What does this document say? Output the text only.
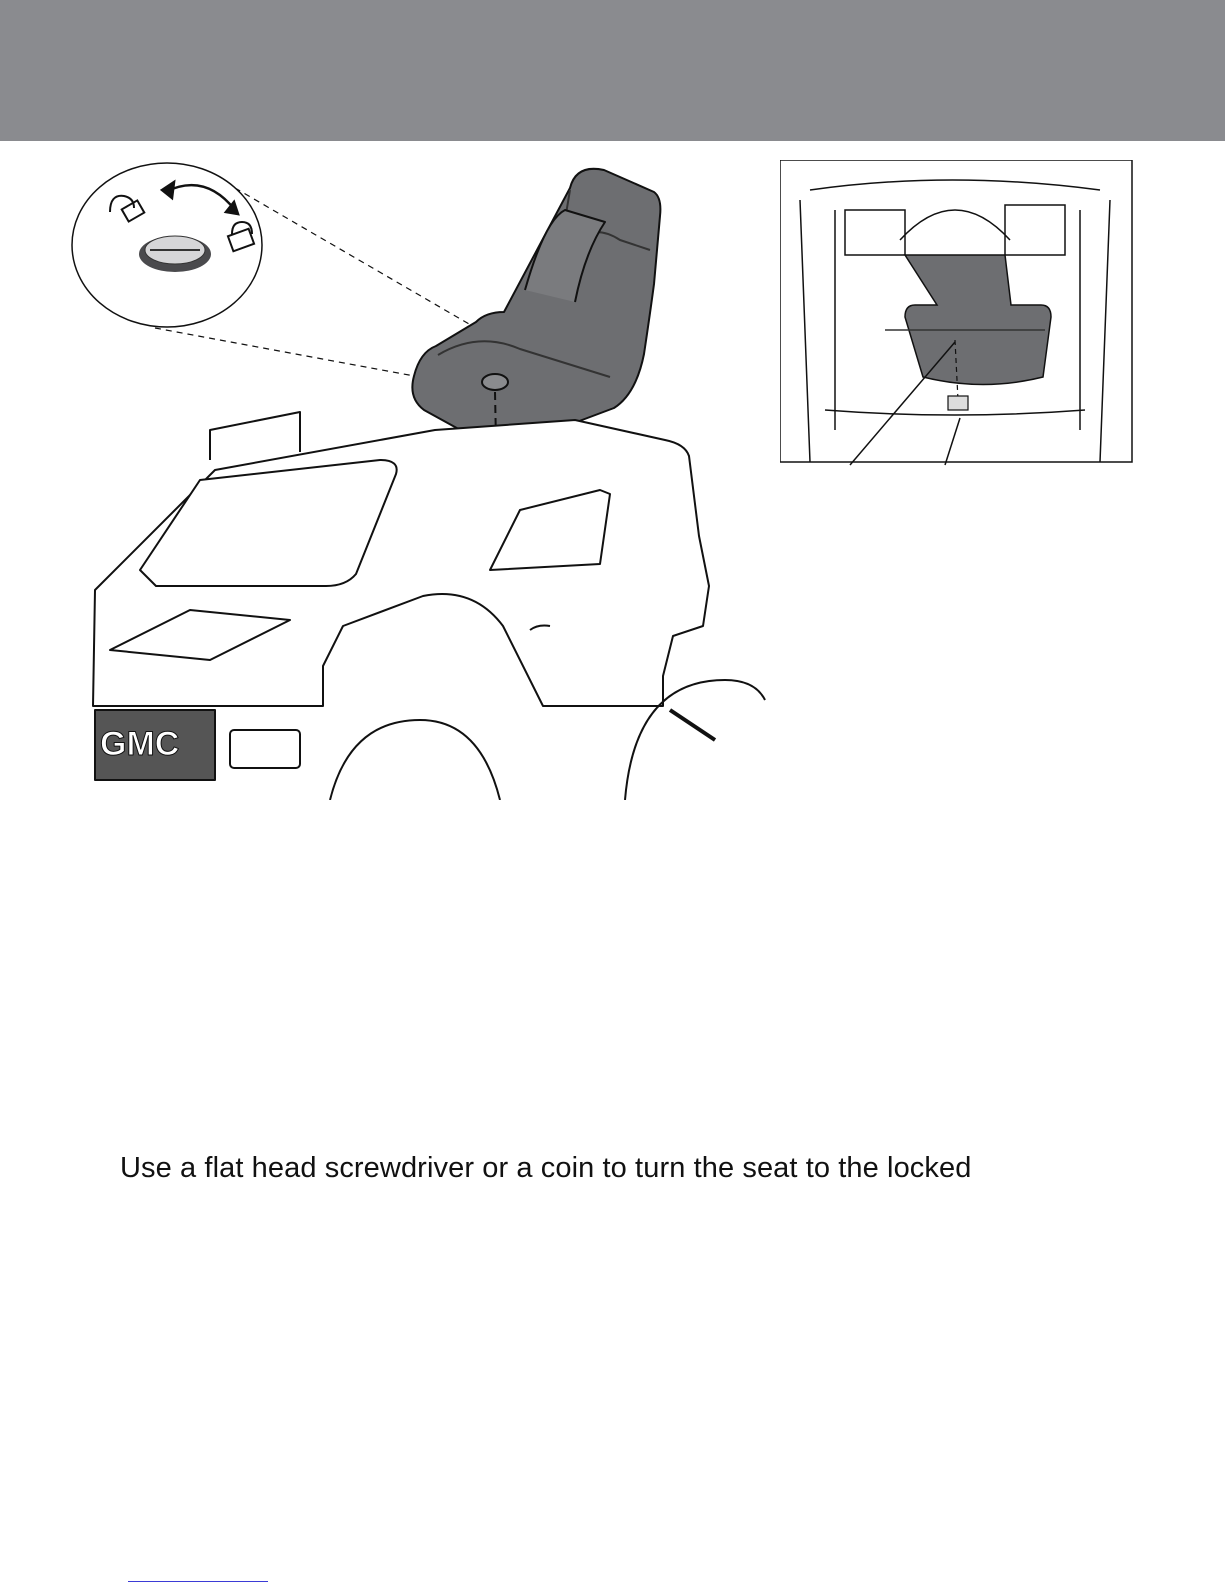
GMC
Use a flat head screwdriver or a coin to turn the seat to the locked
